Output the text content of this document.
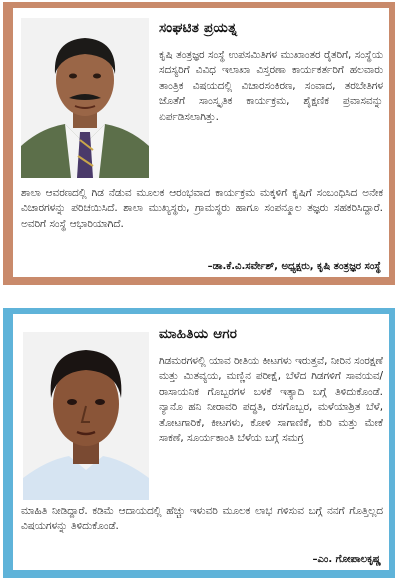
ಸಂಘಟಿತ ಪ್ರಯತ್ನ

ಕೃಷಿ ತಂತ್ರಜ್ಞರ ಸಂಸ್ಥೆ ಉಪಸಮಿತಿಗಳ ಮುಖಾಂತರ ರೈತರಿಗೆ, ಸಂಸ್ಥೆಯ ಸದಸ್ಯರಿಗೆ ವಿವಿಧ ಇಲಾಖಾ ವಿಸ್ತರಣಾ ಕಾರ್ಯಕರ್ತರಿಗೆ ಹಲವಾರು ತಾಂತ್ರಿಕ ವಿಷಯದಲ್ಲಿ ವಿಚಾರಸಂಕಿರಣ, ಸಂವಾದ, ತರಬೇತಿಗಳ ಜೊತೆಗೆ ಸಾಂಸ್ಕೃತಿಕ ಕಾರ್ಯಕ್ರಮ, ಶೈಕ್ಷಣಿಕ ಪ್ರವಾಸವನ್ನು ಏರ್ಪಡಿಸಲಾಗಿತ್ತು.

ಶಾಲಾ ಆವರಣದಲ್ಲಿ ಗಿಡ ನೆಡುವ ಮೂಲಕ ಆರಂಭವಾದ ಕಾರ್ಯಕ್ರಮ ಮಕ್ಕಳಿಗೆ ಕೃಷಿಗೆ ಸಂಬಂಧಿಸಿದ ಅನೇಕ ವಿಚಾರಗಳನ್ನು ಪರಿಚಯಿಸಿದೆ. ಶಾಲಾ ಮುಖ್ಯಸ್ಥರು, ಗ್ರಾಮಸ್ಥರು ಹಾಗೂ ಸಂಪನ್ಮೂಲ ತಜ್ಞರು ಸಹಕರಿಸಿದ್ದಾರೆ. ಅವರಿಗೆ ಸಂಸ್ಥೆ ಆಭಾರಿಯಾಗಿದೆ.

–ಡಾ.ಕೆ.ವಿ.ಸರ್ವೇಶ್, ಅಧ್ಯಕ್ಷರು, ಕೃಷಿ ತಂತ್ರಜ್ಞರ ಸಂಸ್ಥೆ
ಮಾಹಿತಿಯ ಆಗರ

ಗಿಡಮರಗಳಲ್ಲಿ ಯಾವ ರೀತಿಯ ಕೀಟಗಳು ಇರುತ್ತವೆ, ನೀರಿನ ಸಂರಕ್ಷಣೆ ಮತ್ತು ಮಿತವ್ಯಯ, ಮಣ್ಣಿನ ಪರೀಕ್ಷೆ, ಬೆಳೆದ ಗಿಡಗಳಿಗೆ ಸಾವಯವ/ ರಾಸಾಯನಿಕ ಗೊಬ್ಬರಗಳ ಬಳಕೆ ಇತ್ಯಾದಿ ಬಗ್ಗೆ ತಿಳಿದುಕೊಂಡೆ. ನ್ಯಾನೊ ಹನಿ ನೀರಾವರಿ ಪದ್ಧತಿ, ರಸಗೊಬ್ಬರ, ಮಳೆಯಾಶ್ರಿತ ಬೆಳೆ, ತೋಟಗಾರಿಕೆ, ಕೀಟಗಳು, ಕೋಳಿ ಸಾಗಾಣಿಕೆ, ಕುರಿ ಮತ್ತು ಮೇಕೆ ಸಾಕಣೆ, ಸೂರ್ಯಕಾಂತಿ ಬೆಳೆಯ ಬಗ್ಗೆ ಸಮಗ್ರ

ಮಾಹಿತಿ ನೀಡಿದ್ದಾರೆ. ಕಡಿಮೆ ಆದಾಯದಲ್ಲಿ ಹೆಚ್ಚು ಇಳುವರಿ ಮೂಲಕ ಲಾಭ ಗಳಿಸುವ ಬಗ್ಗೆ ನನಗೆ ಗೊತ್ತಿಲ್ಲದ ವಿಷಯಗಳನ್ನು ತಿಳಿದುಕೊಂಡೆ.

–ಎಂ. ಗೋಪಾಲಕೃಷ್ಣ
